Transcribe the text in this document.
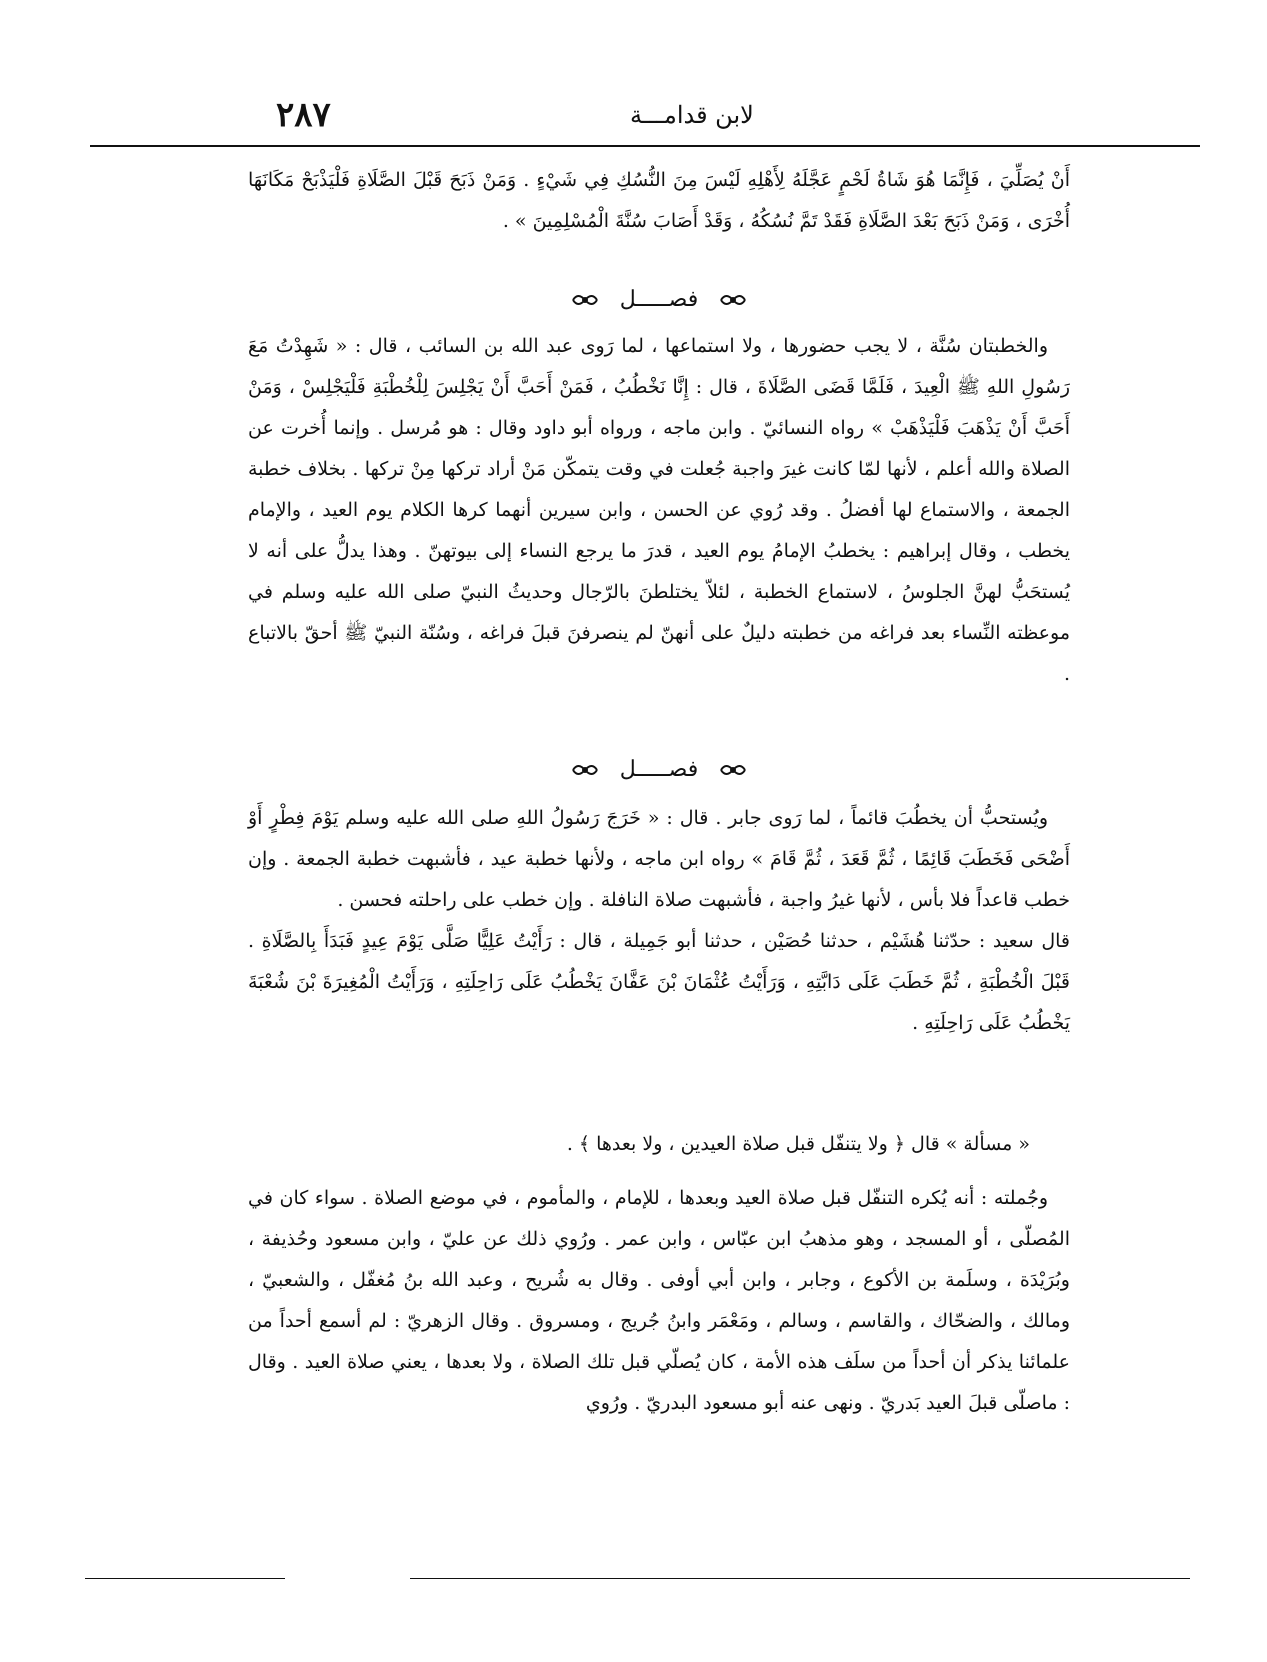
٢٨٧	لابن قدامـــة

أَنْ يُصَلِّيَ ، فَإِنَّمَا هُوَ شَاةُ لَحْمٍ عَجَّلَهُ لِأَهْلِهِ لَيْسَ مِنَ النُّسُكِ فِي شَيْءٍ . وَمَنْ ذَبَحَ قَبْلَ الصَّلَاةِ فَلْيَذْبَحْ مَكَانَهَا أُخْرَى ، وَمَنْ ذَبَحَ بَعْدَ الصَّلَاةِ فَقَدْ تَمَّ نُسُكُهُ ، وَقَدْ أَصَابَ سُنَّةَ الْمُسْلِمِينَ » .

فصـــــل

والخطبتان سُنَّة ، لا يجب حضورها ، ولا استماعها ، لما رَوى عبد الله بن السائب ، قال : « شَهِدْتُ مَعَ رَسُولِ اللهِ ﷺ الْعِيدَ ، فَلَمَّا قَضَى الصَّلَاةَ ، قال : إِنَّا نَخْطُبُ ، فَمَنْ أَحَبَّ أَنْ يَجْلِسَ لِلْخُطْبَةِ فَلْيَجْلِسْ ، وَمَنْ أَحَبَّ أَنْ يَذْهَبَ فَلْيَذْهَبْ » رواه النسائيّ . وابن ماجه ، ورواه أبو داود وقال : هو مُرسل . وإنما أُخرت عن الصلاة والله أعلم ، لأنها لمّا كانت غيرَ واجبة جُعلت في وقت يتمكّن مَنْ أراد تركها مِنْ تركها . بخلاف خطبة الجمعة ، والاستماع لها أفضلُ . وقد رُوي عن الحسن ، وابن سيرين أنهما كرها الكلام يوم العيد ، والإمام يخطب ، وقال إبراهيم : يخطبُ الإمامُ يوم العيد ، قدرَ ما يرجع النساء إلى بيوتهنّ . وهذا يدلُّ على أنه لا يُستحَبُّ لهنَّ الجلوسُ ، لاستماع الخطبة ، لئلاّ يختلطنَ بالرّجال وحديثُ النبيّ صلى الله عليه وسلم في موعظته النِّساء بعد فراغه من خطبته دليلٌ على أنهنّ لم ينصرفنَ قبلَ فراغه ، وسُنّة النبيّ ﷺ أحقّ بالاتباع .

فصـــــل

ويُستحبُّ أن يخطُبَ قائماً ، لما رَوى جابر . قال : « خَرَجَ رَسُولُ اللهِ صلى الله عليه وسلم يَوْمَ فِطْرٍ أَوْ أَضْحَى فَخَطَبَ قَائِمًا ، ثُمَّ قَعَدَ ، ثُمَّ قَامَ » رواه ابن ماجه ، ولأنها خطبة عيد ، فأشبهت خطبة الجمعة . وإن خطب قاعداً فلا بأس ، لأنها غيرُ واجبة ، فأشبهت صلاة النافلة . وإن خطب على راحلته فحسن .

قال سعيد : حدّثنا هُشَيْم ، حدثنا حُصَيْن ، حدثنا أبو جَمِيلة ، قال : رَأَيْتُ عَلِيًّا صَلَّى يَوْمَ عِيدٍ فَبَدَأَ بِالصَّلَاةِ . قَبْلَ الْخُطْبَةِ ، ثُمَّ خَطَبَ عَلَى دَابَّتِهِ ، وَرَأَيْتُ عُثْمَانَ بْنَ عَفَّانَ يَخْطُبُ عَلَى رَاحِلَتِهِ ، وَرَأَيْتُ الْمُغِيرَةَ بْنَ شُعْبَةَ يَخْطُبُ عَلَى رَاحِلَتِهِ .

« مسألة » قال ﴿ ولا يتنفّل قبل صلاة العيدين ، ولا بعدها ﴾ .

وجُملته : أنه يُكره التنفّل قبل صلاة العيد وبعدها ، للإمام ، والمأموم ، في موضع الصلاة . سواء كان في المُصلّى ، أو المسجد ، وهو مذهبُ ابن عبّاس ، وابن عمر . ورُوي ذلك عن عليّ ، وابن مسعود وحُذيفة ، وبُرَيْدَة ، وسلَمة بن الأكوع ، وجابر ، وابن أبي أوفى . وقال به شُريح ، وعبد الله بنُ مُغفّل ، والشعبيّ ، ومالك ، والضحّاك ، والقاسم ، وسالم ، ومَعْمَر وابنُ جُريج ، ومسروق . وقال الزهريّ : لم أسمع أحداً من علمائنا يذكر أن أحداً من سلَف هذه الأمة ، كان يُصلّي قبل تلك الصلاة ، ولا بعدها ، يعني صلاة العيد . وقال : ماصلّى قبلَ العيد بَدريّ . ونهى عنه أبو مسعود البدريّ . ورُوي
